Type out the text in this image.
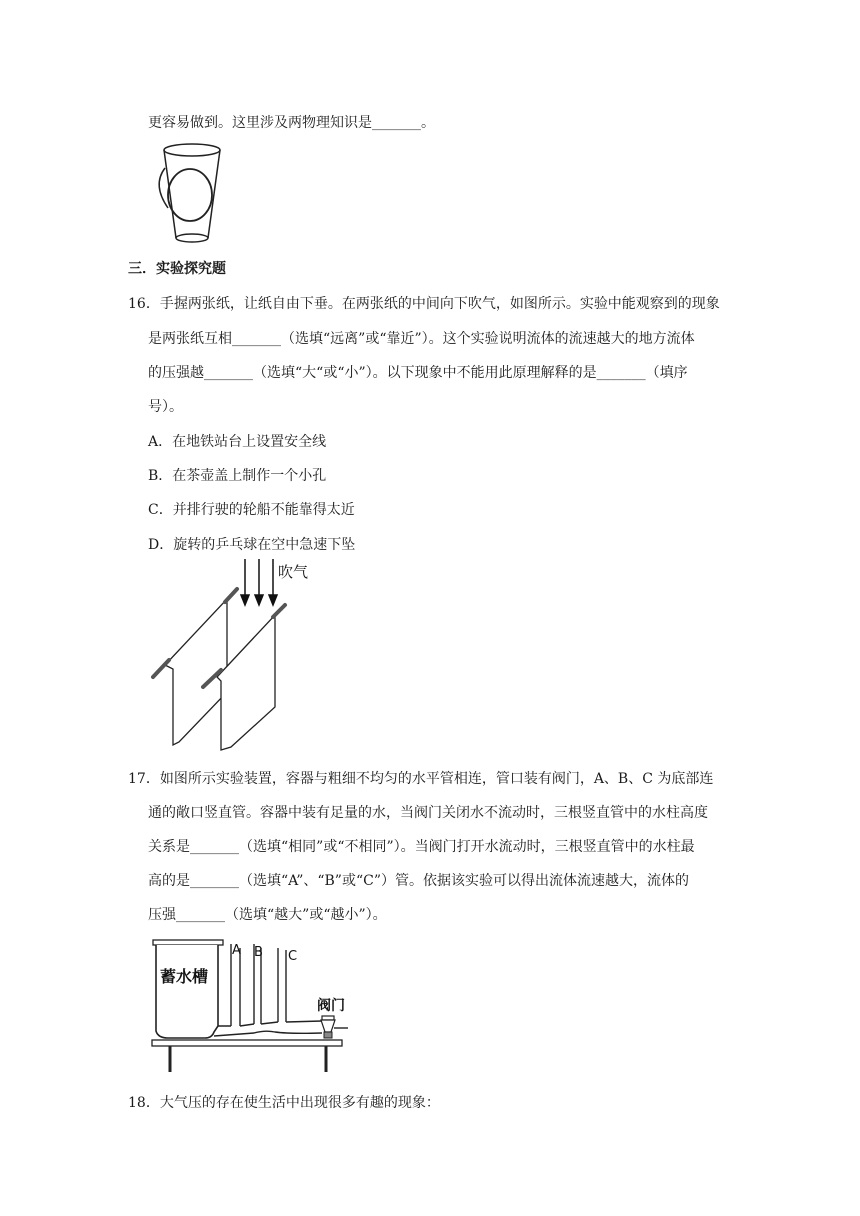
更容易做到。这里涉及两物理知识是_______。
三．实验探究题
16．手握两张纸，让纸自由下垂。在两张纸的中间向下吹气，如图所示。实验中能观察到的现象
是两张纸互相_______（选填“远离”或“靠近”）。这个实验说明流体的流速越大的地方流体
的压强越_______（选填“大“或“小”）。以下现象中不能用此原理解释的是_______（填序
号）。
A．在地铁站台上设置安全线
B．在茶壶盖上制作一个小孔
C．并排行驶的轮船不能靠得太近
D．旋转的乒乓球在空中急速下坠
吹气
17．如图所示实验装置，容器与粗细不均匀的水平管相连，管口装有阀门，A、B、C 为底部连
通的敞口竖直管。容器中装有足量的水，当阀门关闭水不流动时，三根竖直管中的水柱高度
关系是_______（选填“相同”或“不相同”）。当阀门打开水流动时，三根竖直管中的水柱最
高的是_______（选填“A”、“B”或“C”）管。依据该实验可以得出流体流速越大，流体的
压强_______（选填“越大”或“越小”）。
蓄水槽
A B C
阀门
18．大气压的存在使生活中出现很多有趣的现象：
